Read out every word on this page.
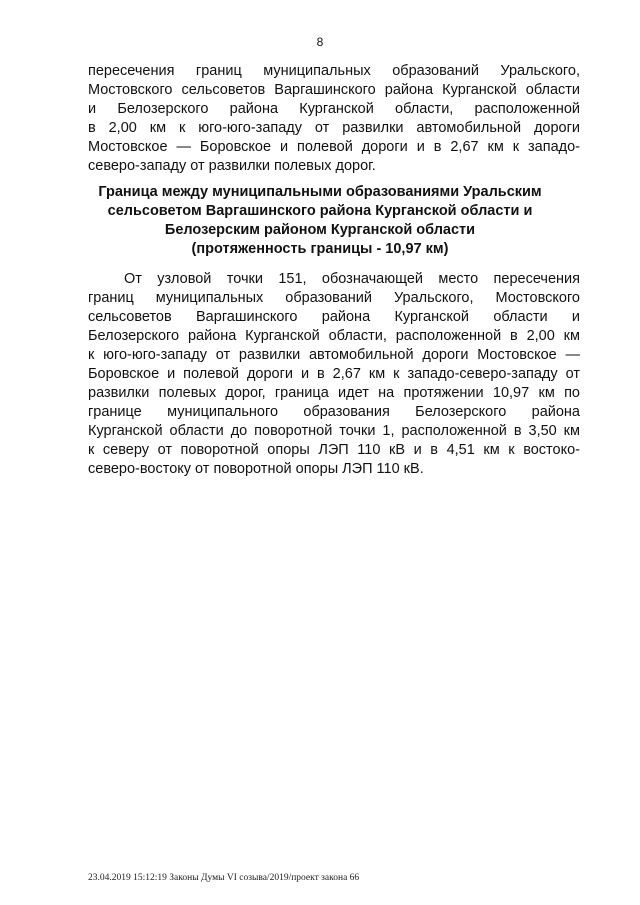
8
пересечения границ муниципальных образований Уральского,
Мостовского сельсоветов Варгашинского района Курганской области
и Белозерского района Курганской области, расположенной
в 2,00 км к юго-юго-западу от развилки автомобильной дороги
Мостовское — Боровское и полевой дороги и в 2,67 км к западо-
северо-западу от развилки полевых дорог.
Граница между муниципальными образованиями Уральским
сельсоветом Варгашинского района Курганской области и
Белозерским районом Курганской области
(протяженность границы - 10,97 км)
От узловой точки 151, обозначающей место пересечения
границ муниципальных образований Уральского, Мостовского
сельсоветов Варгашинского района Курганской области и
Белозерского района Курганской области, расположенной в 2,00 км
к юго-юго-западу от развилки автомобильной дороги Мостовское —
Боровское и полевой дороги и в 2,67 км к западо-северо-западу от
развилки полевых дорог, граница идет на протяжении 10,97 км по
границе муниципального образования Белозерского района
Курганской области до поворотной точки 1, расположенной в 3,50 км
к северу от поворотной опоры ЛЭП 110 кВ и в 4,51 км к востоко-
северо-востоку от поворотной опоры ЛЭП 110 кВ.
23.04.2019 15:12:19 Законы Думы VI созыва/2019/проект закона 66
